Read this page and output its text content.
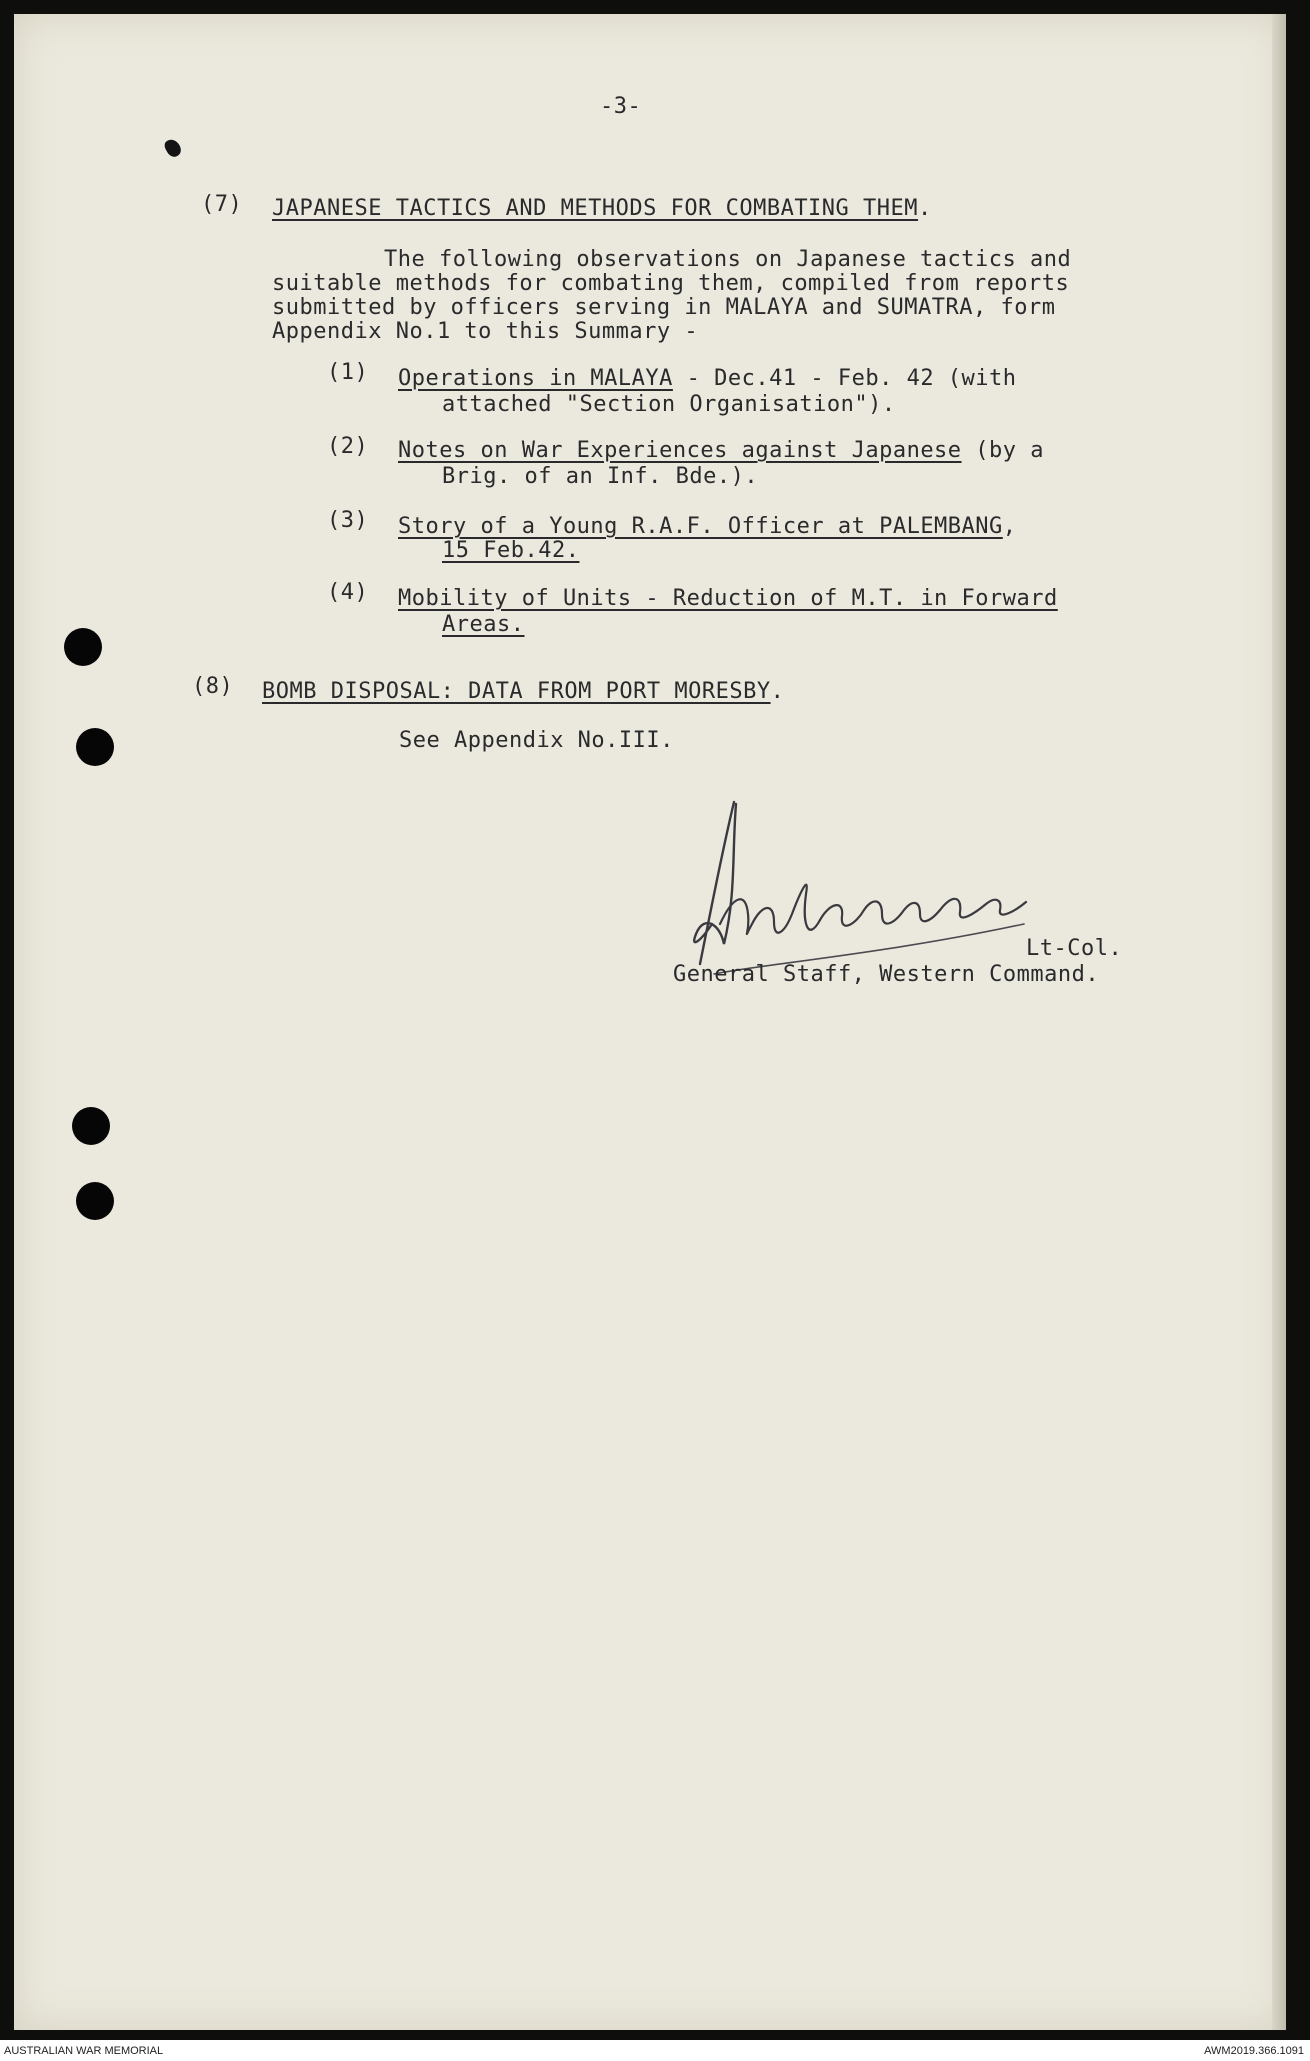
-3-
(7) JAPANESE TACTICS AND METHODS FOR COMBATING THEM.
The following observations on Japanese tactics and
suitable methods for combating them, compiled from reports
submitted by officers serving in MALAYA and SUMATRA, form
Appendix No.1 to this Summary -
(1) Operations in MALAYA - Dec.41 - Feb. 42 (with
attached "Section Organisation").
(2) Notes on War Experiences against Japanese (by a
Brig. of an Inf. Bde.).
(3) Story of a Young R.A.F. Officer at PALEMBANG,
15 Feb.42.
(4) Mobility of Units - Reduction of M.T. in Forward
Areas.
(8) BOMB DISPOSAL: DATA FROM PORT MORESBY.
See Appendix No.III.
Lt-Col.
General Staff, Western Command.
AUSTRALIAN WAR MEMORIAL	AWM2019.366.1091
